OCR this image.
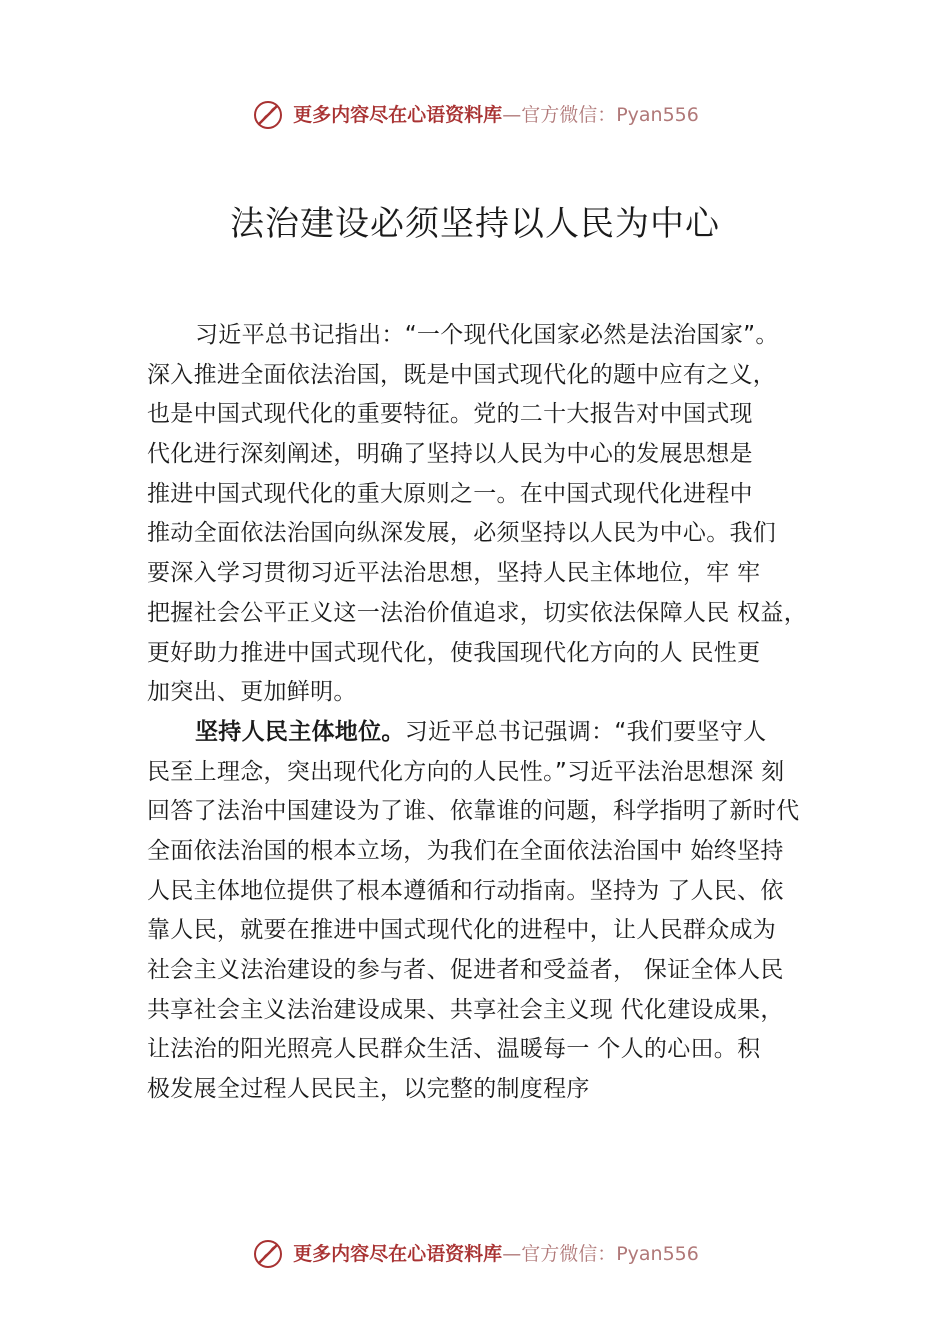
更多内容尽在心语资料库—官方微信：Pyan556
法治建设必须坚持以人民为中心
习近平总书记指出：“一个现代化国家必然是法治国家”。
深入推进全面依法治国，既是中国式现代化的题中应有之义，
也是中国式现代化的重要特征。党的二十大报告对中国式现
代化进行深刻阐述，明确了坚持以人民为中心的发展思想是
推进中国式现代化的重大原则之一。在中国式现代化进程中
推动全面依法治国向纵深发展，必须坚持以人民为中心。我们
要深入学习贯彻习近平法治思想，坚持人民主体地位，牢 牢
把握社会公平正义这一法治价值追求，切实依法保障人民 权益，
更好助力推进中国式现代化，使我国现代化方向的人 民性更
加突出、更加鲜明。
坚持人民主体地位。习近平总书记强调：“我们要坚守人
民至上理念，突出现代化方向的人民性。”习近平法治思想深 刻
回答了法治中国建设为了谁、依靠谁的问题，科学指明了新时代
全面依法治国的根本立场，为我们在全面依法治国中 始终坚持
人民主体地位提供了根本遵循和行动指南。坚持为 了人民、依
靠人民，就要在推进中国式现代化的进程中，让人民群众成为
社会主义法治建设的参与者、促进者和受益者， 保证全体人民
共享社会主义法治建设成果、共享社会主义现 代化建设成果，
让法治的阳光照亮人民群众生活、温暖每一 个人的心田。积
极发展全过程人民民主，以完整的制度程序
更多内容尽在心语资料库—官方微信：Pyan556
